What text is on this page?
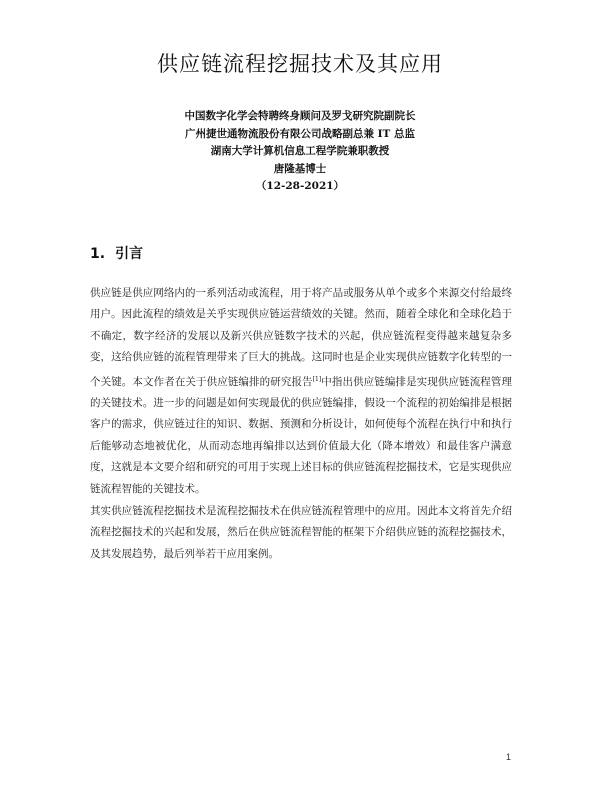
供应链流程挖掘技术及其应用
中国数字化学会特聘终身顾问及罗戈研究院副院长
广州捷世通物流股份有限公司战略副总兼 IT 总监
湖南大学计算机信息工程学院兼职教授
唐隆基博士
（12-28-2021）
1. 引言
供应链是供应网络内的一系列活动或流程，用于将产品或服务从单个或多个来源交付给最终用户。因此流程的绩效是关乎实现供应链运营绩效的关键。然而，随着全球化和全球化趋于不确定，数字经济的发展以及新兴供应链数字技术的兴起，供应链流程变得越来越复杂多变，这给供应链的流程管理带来了巨大的挑战。这同时也是企业实现供应链数字化转型的一个关键。本文作者在关于供应链编排的研究报告[1]中指出供应链编排是实现供应链流程管理的关键技术。进一步的问题是如何实现最优的供应链编排，假设一个流程的初始编排是根据客户的需求，供应链过往的知识、数据、预测和分析设计，如何使每个流程在执行中和执行后能够动态地被优化，从而动态地再编排以达到价值最大化（降本增效）和最佳客户满意度，这就是本文要介绍和研究的可用于实现上述目标的供应链流程挖掘技术，它是实现供应链流程智能的关键技术。
其实供应链流程挖掘技术是流程挖掘技术在供应链流程管理中的应用。因此本文将首先介绍流程挖掘技术的兴起和发展，然后在供应链流程智能的框架下介绍供应链的流程挖掘技术，及其发展趋势，最后列举若干应用案例。
1
